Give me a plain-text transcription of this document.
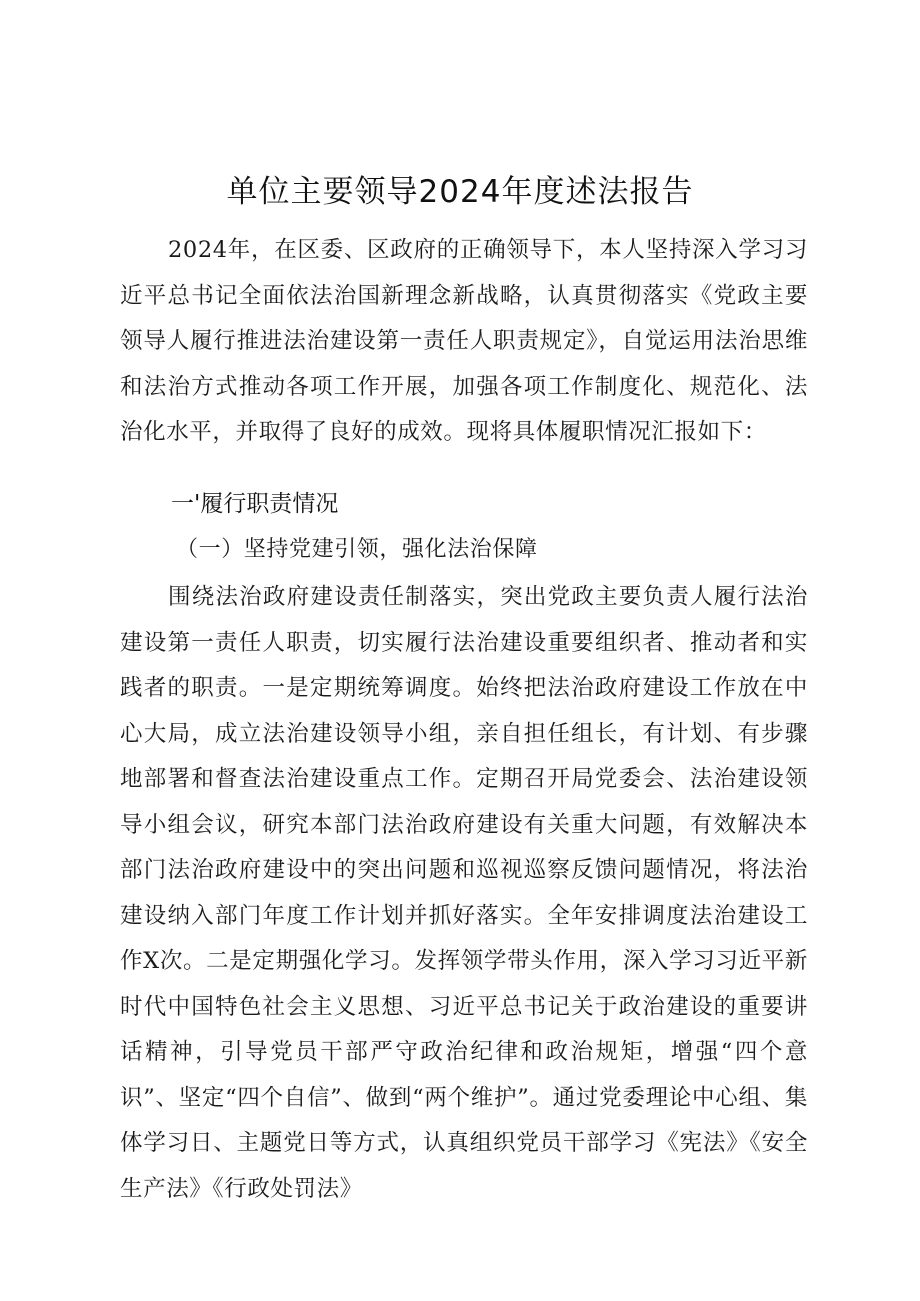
单位主要领导2024年度述法报告

2024年，在区委、区政府的正确领导下，本人坚持深入学习习近平总书记全面依法治国新理念新战略，认真贯彻落实《党政主要领导人履行推进法治建设第一责任人职责规定》，自觉运用法治思维和法治方式推动各项工作开展，加强各项工作制度化、规范化、法治化水平，并取得了良好的成效。现将具体履职情况汇报如下：

一'履行职责情况
（一）坚持党建引领，强化法治保障

围绕法治政府建设责任制落实，突出党政主要负责人履行法治建设第一责任人职责，切实履行法治建设重要组织者、推动者和实践者的职责。一是定期统筹调度。始终把法治政府建设工作放在中心大局，成立法治建设领导小组，亲自担任组长，有计划、有步骤地部署和督查法治建设重点工作。定期召开局党委会、法治建设领导小组会议，研究本部门法治政府建设有关重大问题，有效解决本部门法治政府建设中的突出问题和巡视巡察反馈问题情况，将法治建设纳入部门年度工作计划并抓好落实。全年安排调度法治建设工作X次。二是定期强化学习。发挥领学带头作用，深入学习习近平新时代中国特色社会主义思想、习近平总书记关于政治建设的重要讲话精神，引导党员干部严守政治纪律和政治规矩，增强“四个意识”、坚定“四个自信”、做到“两个维护”。通过党委理论中心组、集体学习日、主题党日等方式，认真组织党员干部学习《宪法》《安全生产法》《行政处罚法》
